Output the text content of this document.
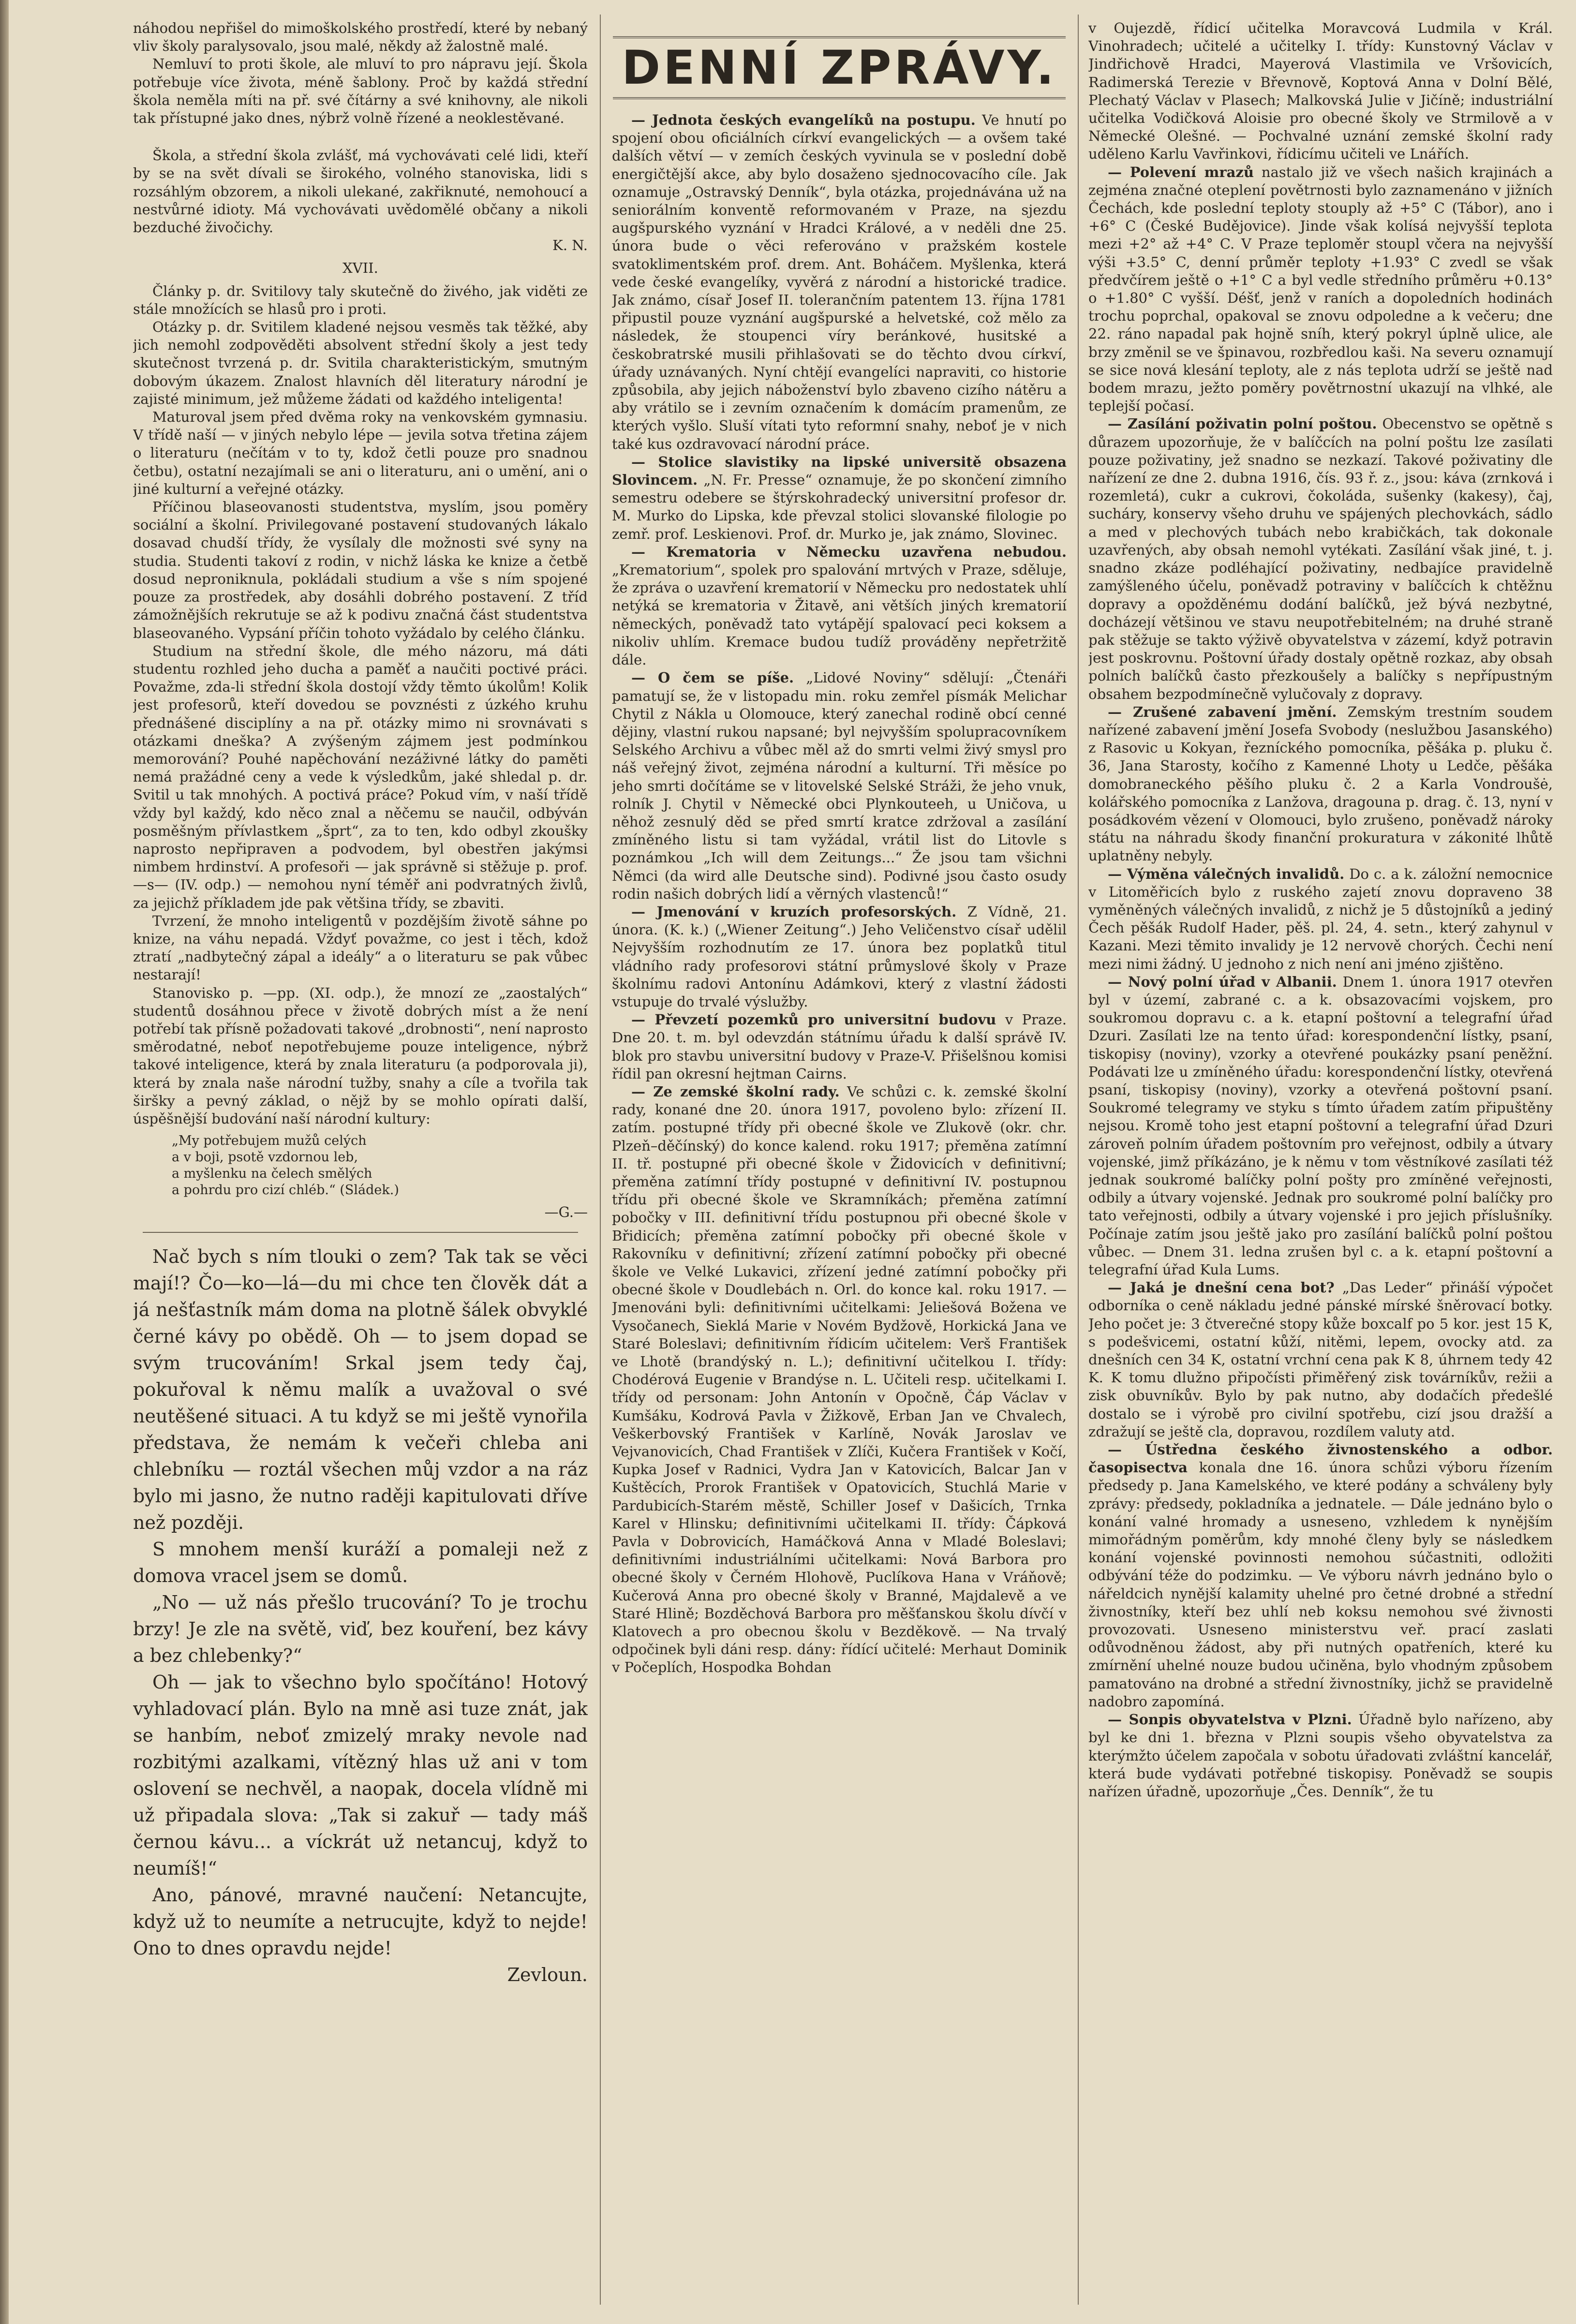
náhodou nepřišel do mimoškolského prostředí, které by nebaný vliv školy paralysovalo, jsou malé, někdy až žalostně malé.

Nemluví to proti škole, ale mluví to pro nápravu její. Škola potřebuje více života, méně šablony. Proč by každá střední škola neměla míti na př. své čítárny a své knihovny, ale nikoli tak přístupné jako dnes, nýbrž volně řízené a neoklestěvané.

Škola, a střední škola zvlášť, má vychovávati celé lidi, kteří by se na svět dívali se širokého, volného stanoviska, lidi s rozsáhlým obzorem, a nikoli ulekané, zakřiknuté, nemohoucí a nestvůrné idioty. Má vychovávati uvědomělé občany a nikoli bezduché živočichy.

K. N.

XVII.

Články p. dr. Svitilovy taly skutečně do živého, jak viděti ze stále množících se hlasů pro i proti.

Otázky p. dr. Svitilem kladené nejsou vesměs tak těžké, aby jich nemohl zodpověděti absolvent střední školy a jest tedy skutečnost tvrzená p. dr. Svitila charakteristickým, smutným dobovým úkazem. Znalost hlavních děl literatury národní je zajisté minimum, jež můžeme žádati od každého inteligenta!

Maturoval jsem před dvěma roky na venkovském gymnasiu. V třídě naší — v jiných nebylo lépe — jevila sotva třetina zájem o literaturu (nečítám v to ty, kdož četli pouze pro snadnou četbu), ostatní nezajímali se ani o literaturu, ani o umění, ani o jiné kulturní a veřejné otázky.

Příčinou blaseovanosti studentstva, myslím, jsou poměry sociální a školní. Privilegované postavení studovaných lákalo dosavad chudší třídy, že vysílaly dle možnosti své syny na studia. Studenti takoví z rodin, v nichž láska ke knize a četbě dosud neproniknula, pokládali studium a vše s ním spojené pouze za prostředek, aby dosáhli dobrého postavení. Z tříd zámožnějších rekrutuje se až k podivu značná část studentstva blaseovaného. Vypsání příčin tohoto vyžádalo by celého článku.

Studium na střední škole, dle mého názoru, má dáti studentu rozhled jeho ducha a paměť a naučiti poctivé práci. Považme, zda-li střední škola dostojí vždy těmto úkolům! Kolik jest profesorů, kteří dovedou se povznésti z úzkého kruhu přednášené disciplíny a na př. otázky mimo ni srovnávati s otázkami dneška? A zvýšeným zájmem jest podmínkou memorování? Pouhé napěchování nezáživné látky do paměti nemá pražádné ceny a vede k výsledkům, jaké shledal p. dr. Svitil u tak mnohých. A poctivá práce? Pokud vím, v naší třídě vždy byl každý, kdo něco znal a něčemu se naučil, odbýván posměšným přívlastkem „šprt“, za to ten, kdo odbyl zkoušky naprosto nepřipraven a podvodem, byl obestřen jakýmsi nimbem hrdinství. A profesoři — jak správně si stěžuje p. prof. —s— (IV. odp.) — nemohou nyní téměř ani podvratných živlů, za jejichž příkladem jde pak většina třídy, se zbaviti.

Tvrzení, že mnoho inteligentů v pozdějším životě sáhne po knize, na váhu nepadá. Vždyť považme, co jest i těch, kdož ztratí „nadbytečný zápal a ideály“ a o literaturu se pak vůbec nestarají!

Stanovisko p. —pp. (XI. odp.), že mnozí ze „zaostalých“ studentů dosáhnou přece v životě dobrých míst a že není potřebí tak přísně požadovati takové „drobnosti“, není naprosto směrodatné, neboť nepotřebujeme pouze inteligence, nýbrž takové inteligence, která by znala literaturu (a podporovala ji), která by znala naše národní tužby, snahy a cíle a tvořila tak širšky a pevný základ, o nějž by se mohlo opírati další, úspěšnější budování naší národní kultury:

„My potřebujem mužů celých
a v boji, psotě vzdornou leb,
a myšlenku na čelech smělých
a pohrdu pro cizí chléb.“ (Sládek.)

—G.—

Nač bych s ním tlouki o zem? Tak tak se věci mají!? Čo—ko—lá—du mi chce ten člověk dát a já nešťastník mám doma na plotně šálek obvyklé černé kávy po obědě. Oh — to jsem dopad se svým trucováním! Srkal jsem tedy čaj, pokuřoval k němu malík a uvažoval o své neutěšené situaci. A tu když se mi ještě vynořila představa, že nemám k večeři chleba ani chlebníku — roztál všechen můj vzdor a na ráz bylo mi jasno, že nutno raději kapitulovati dříve než později.

S mnohem menší kuráží a pomaleji než z domova vracel jsem se domů.

„No — už nás přešlo trucování? To je trochu brzy! Je zle na světě, viď, bez kouření, bez kávy a bez chlebenky?“

Oh — jak to všechno bylo spočítáno! Hotový vyhladovací plán. Bylo na mně asi tuze znát, jak se hanbím, neboť zmizelý mraky nevole nad rozbitými azalkami, vítězný hlas už ani v tom oslovení se nechvěl, a naopak, docela vlídně mi už připadala slova: „Tak si zakuř — tady máš černou kávu... a víckrát už netancuj, když to neumíš!“

Ano, pánové, mravné naučení: Netancujte, když už to neumíte a netrucujte, když to nejde! Ono to dnes opravdu nejde!

Zevloun.

DENNÍ ZPRÁVY.

— Jednota českých evangelíků na postupu. Ve hnutí po spojení obou oficiálních církví evangelických — a ovšem také dalších větví — v zemích českých vyvinula se v poslední době energičtější akce, aby bylo dosaženo sjednocovacího cíle. Jak oznamuje „Ostravský Denník“, byla otázka, projednávána už na seniorálním konventě reformovaném v Praze, na sjezdu augšpurského vyznání v Hradci Králové, a v neděli dne 25. února bude o věci referováno v pražském kostele svatoklimentském prof. drem. Ant. Boháčem. Myšlenka, která vede české evangelíky, vyvěrá z národní a historické tradice. Jak známo, císař Josef II. tolerančním patentem 13. října 1781 připustil pouze vyznání augšpurské a helvetské, což mělo za následek, že stoupenci víry beránkové, husitské a českobratrské musili přihlašovati se do těchto dvou církví, úřady uznávaných. Nyní chtějí evangelíci napraviti, co historie způsobila, aby jejich náboženství bylo zbaveno cizího nátěru a aby vrátilo se i zevním označením k domácím pramenům, ze kterých vyšlo. Sluší vítati tyto reformní snahy, neboť je v nich také kus ozdravovací národní práce.

— Stolice slavistiky na lipské universitě obsazena Slovincem. „N. Fr. Presse“ oznamuje, že po skončení zimního semestru odebere se štýrskohradecký universitní profesor dr. M. Murko do Lipska, kde převzal stolici slovanské filologie po zemř. prof. Leskienovi. Prof. dr. Murko je, jak známo, Slovinec.

— Krematoria v Německu uzavřena nebudou. „Krematorium“, spolek pro spalování mrtvých v Praze, sděluje, že zpráva o uzavření krematorií v Německu pro nedostatek uhlí netýká se krematoria v Žitavě, ani větších jiných krematorií německých, poněvadž tato vytápějí spalovací peci koksem a nikoliv uhlím. Kremace budou tudíž prováděny nepřetržitě dále.

— O čem se píše. „Lidové Noviny“ sdělují: „Čtenáři pamatují se, že v listopadu min. roku zemřel písmák Melichar Chytil z Nákla u Olomouce, který zanechal rodině obcí cenné dějiny, vlastní rukou napsané; byl nejvyšším spolupracovníkem Selského Archivu a vůbec měl až do smrti velmi živý smysl pro náš veřejný život, zejména národní a kulturní. Tři měsíce po jeho smrti dočítáme se v litovelské Selské Stráži, že jeho vnuk, rolník J. Chytil v Německé obci Plynkouteeh, u Uničova, u něhož zesnulý děd se před smrtí kratce zdržoval a zasílání zmíněného listu si tam vyžádal, vrátil list do Litovle s poznámkou „Ich will dem Zeitungs...“ Že jsou tam všichni Němci (da wird alle Deutsche sind). Podivné jsou často osudy rodin našich dobrých lidí a věrných vlastenců!“

— Jmenování v kruzích profesorských. Z Vídně, 21. února. (K. k.) („Wiener Zeitung“.) Jeho Veličenstvo císař udělil Nejvyšším rozhodnutím ze 17. února bez poplatků titul vládního rady profesorovi státní průmyslové školy v Praze školnímu radovi Antonínu Adámkovi, který z vlastní žádosti vstupuje do trvalé výslužby.

— Převzetí pozemků pro universitní budovu v Praze. Dne 20. t. m. byl odevzdán státnímu úřadu k další správě IV. blok pro stavbu universitní budovy v Praze-V. Přišelšnou komisi řídil pan okresní hejtman Cairns.

— Ze zemské školní rady. Ve schůzi c. k. zemské školní rady, konané dne 20. února 1917, povoleno bylo: zřízení II. zatím. postupné třídy při obecné škole ve Zlukově (okr. chr. Plzeň–děčínský) do konce kalend. roku 1917; přeměna zatímní II. tř. postupné při obecné škole v Židovicích v definitivní; přeměna zatímní třídy postupné v definitivní IV. postupnou třídu při obecné škole ve Skramníkách; přeměna zatímní pobočky v III. definitivní třídu postupnou při obecné škole v Břidicích; přeměna zatímní pobočky při obecné škole v Rakovníku v definitivní; zřízení zatímní pobočky při obecné škole ve Velké Lukavici, zřízení jedné zatímní pobočky při obecné škole v Doudlebách n. Orl. do konce kal. roku 1917. — Jmenováni byli: definitivními učitelkami: Jeliešová Božena ve Vysočanech, Sieklá Marie v Novém Bydžově, Horkická Jana ve Staré Boleslavi; definitivním řídicím učitelem: Verš František ve Lhotě (brandýský n. L.); definitivní učitelkou I. třídy: Chodérová Eugenie v Brandýse n. L. Učiteli resp. učitelkami I. třídy od personam: John Antonín v Opočně, Čáp Václav v Kumšáku, Kodrová Pavla v Žižkově, Erban Jan ve Chvalech, Veškerbovský František v Karlíně, Novák Jaroslav ve Vejvanovicích, Chad František v Zlíči, Kučera František v Kočí, Kupka Josef v Radnici, Vydra Jan v Katovicích, Balcar Jan v Kuštěcích, Prorok František v Opatovicích, Stuchlá Marie v Pardubicích-Starém městě, Schiller Josef v Dašicích, Trnka Karel v Hlinsku; definitivními učitelkami II. třídy: Čápková Pavla v Dobrovicích, Hamáčková Anna v Mladé Boleslavi; definitivními industriálními učitelkami: Nová Barbora pro obecné školy v Černém Hlohově, Puclíkova Hana v Vráňově; Kučerová Anna pro obecné školy v Branné, Majdalevě a ve Staré Hlině; Bozděchová Barbora pro měšťanskou školu dívčí v Klatovech a pro obecnou školu v Bezděkově. — Na trvalý odpočinek byli dáni resp. dány: řídící učitelé: Merhaut Dominik v Počeplích, Hospodka Bohdan

v Oujezdě, řídicí učitelka Moravcová Ludmila v Král. Vinohradech; učitelé a učitelky I. třídy: Kunstovný Václav v Jindřichově Hradci, Mayerová Vlastimila ve Vršovicích, Radimerská Terezie v Břevnově, Koptová Anna v Dolní Bělé, Plechatý Václav v Plasech; Malkovská Julie v Jičíně; industriální učitelka Vodičková Aloisie pro obecné školy ve Strmilově a v Německé Olešné. — Pochvalné uznání zemské školní rady uděleno Karlu Vavřinkovi, řídicímu učiteli ve Lnářích.

— Polevení mrazů nastalo již ve všech našich krajinách a zejména značné oteplení povětrnosti bylo zaznamenáno v jižních Čechách, kde poslední teploty stouply až +5° C (Tábor), ano i +6° C (České Budějovice). Jinde však kolísá nejvyšší teplota mezi +2° až +4° C. V Praze teploměr stoupl včera na nejvyšší výši +3.5° C, denní průměr teploty +1.93° C zvedl se však předvčírem ještě o +1° C a byl vedle středního průměru +0.13° o +1.80° C vyšší. Déšť, jenž v raních a dopoledních hodinách trochu poprchal, opakoval se znovu odpoledne a k večeru; dne 22. ráno napadal pak hojně sníh, který pokryl úplně ulice, ale brzy změnil se ve špinavou, rozbředlou kaši. Na severu oznamují se sice nová klesání teploty, ale z nás teplota udrží se ještě nad bodem mrazu, ježto poměry povětrnostní ukazují na vlhké, ale teplejší počasí.

— Zasílání poživatin polní poštou. Obecenstvo se opětně s důrazem upozorňuje, že v balíčcích na polní poštu lze zasílati pouze poživatiny, jež snadno se nezkazí. Takové poživatiny dle nařízení ze dne 2. dubna 1916, čís. 93 ř. z., jsou: káva (zrnková i rozemletá), cukr a cukrovi, čokoláda, sušenky (kakesy), čaj, sucháry, konservy všeho druhu ve spájených plechovkách, sádlo a med v plechových tubách nebo krabičkách, tak dokonale uzavřených, aby obsah nemohl vytékati. Zasílání však jiné, t. j. snadno zkáze podléhající poživatiny, nedbajíce pravidelně zamýšleného účelu, poněvadž potraviny v balíčcích k chtěžnu dopravy a opožděnému dodání balíčků, jež bývá nezbytné, docházejí většinou ve stavu neupotřebitelném; na druhé straně pak stěžuje se takto výživě obyvatelstva v zázemí, když potravin jest poskrovnu. Poštovní úřady dostaly opětně rozkaz, aby obsah polních balíčků často přezkoušely a balíčky s nepřípustným obsahem bezpodmínečně vylučovaly z dopravy.

— Zrušené zabavení jmění. Zemským trestním soudem nařízené zabavení jmění Josefa Svobody (neslužbou Jasanského) z Rasovic u Kokyan, řezníckého pomocníka, pěšáka p. pluku č. 36, Jana Starosty, kočího z Kamenné Lhoty u Ledče, pěšáka domobraneckého pěšího pluku č. 2 a Karla Vondroušė, kolářského pomocníka z Lanžova, dragouna p. drag. č. 13, nyní v posádkovém vězení v Olomouci, bylo zrušeno, poněvadž nároky státu na náhradu škody finanční prokuratura v zákonité lhůtě uplatněny nebyly.

— Výměna válečných invalidů. Do c. a k. záložní nemocnice v Litoměřicích bylo z ruského zajetí znovu dopraveno 38 vyměněných válečných invalidů, z nichž je 5 důstojníků a jediný Čech pěšák Rudolf Hader, pěš. pl. 24, 4. setn., který zahynul v Kazani. Mezi těmito invalidy je 12 nervově chorých. Čechi není mezi nimi žádný. U jednoho z nich není ani jméno zjištěno.

— Nový polní úřad v Albanii. Dnem 1. února 1917 otevřen byl v území, zabrané c. a k. obsazovacími vojskem, pro soukromou dopravu c. a k. etapní poštovní a telegrafní úřad Dzuri. Zasílati lze na tento úřad: korespondenční lístky, psaní, tiskopisy (noviny), vzorky a otevřené poukázky psaní peněžní. Podávati lze u zmíněného úřadu: korespondenční lístky, otevřená psaní, tiskopisy (noviny), vzorky a otevřená poštovní psaní. Soukromé telegramy ve styku s tímto úřadem zatím připuštěny nejsou. Kromě toho jest etapní poštovní a telegrafní úřad Dzuri zároveň polním úřadem poštovním pro veřejnost, odbily a útvary vojenské, jimž příkázáno, je k němu v tom věstníkové zasílati též jednak soukromé balíčky polní pošty pro zmíněné veřejnosti, odbily a útvary vojenské. Jednak pro soukromé polní balíčky pro tato veřejnosti, odbily a útvary vojenské i pro jejich příslušníky. Počínaje zatím jsou ještě jako pro zasílání balíčků polní poštou vůbec. — Dnem 31. ledna zrušen byl c. a k. etapní poštovní a telegrafní úřad Kula Lums.

— Jaká je dnešní cena bot? „Das Leder“ přináší výpočet odborníka o ceně nákladu jedné pánské mírské šněrovací botky. Jeho počet je: 3 čtverečné stopy kůže boxcalf po 5 kor. jest 15 K, s podešvicemi, ostatní kůží, nitěmi, lepem, ovocky atd. za dnešních cen 34 K, ostatní vrchní cena pak K 8, úhrnem tedy 42 K. K tomu dlužno připočísti přiměřený zisk továrníkův, režii a zisk obuvníkův. Bylo by pak nutno, aby dodačích předešlé dostalo se i výrobě pro civilní spotřebu, cizí jsou dražší a zdražují se ještě cla, dopravou, rozdílem valuty atd.

— Ústředna českého živnostenského a odbor. časopisectva konala dne 16. února schůzi výboru řízením předsedy p. Jana Kamelského, ve které podány a schváleny byly zprávy: předsedy, pokladníka a jednatele. — Dále jednáno bylo o konání valné hromady a usneseno, vzhledem k nynějším mimořádným poměrům, kdy mnohé členy byly se následkem konání vojenské povinnosti nemohou súčastniti, odložiti odbývání téže do podzimku. — Ve výboru návrh jednáno bylo o nářeldcich nynější kalamity uhelné pro četné drobné a střední živnostníky, kteří bez uhlí neb koksu nemohou své živnosti provozovati. Usneseno ministerstvu veř. prací zaslati odůvodněnou žádost, aby při nutných opatřeních, které ku zmírnění uhelné nouze budou učiněna, bylo vhodným způsobem pamatováno na drobné a střední živnostníky, jichž se pravidelně nadobro zapomíná.

— Sonpis obyvatelstva v Plzni. Úřadně bylo nařízeno, aby byl ke dni 1. března v Plzni soupis všeho obyvatelstva za kterýmžto účelem započala v sobotu úřadovati zvláštní kancelář, která bude vydávati potřebné tiskopisy. Poněvadž se soupis nařízen úřadně, upozorňuje „Čes. Denník“, že tu
